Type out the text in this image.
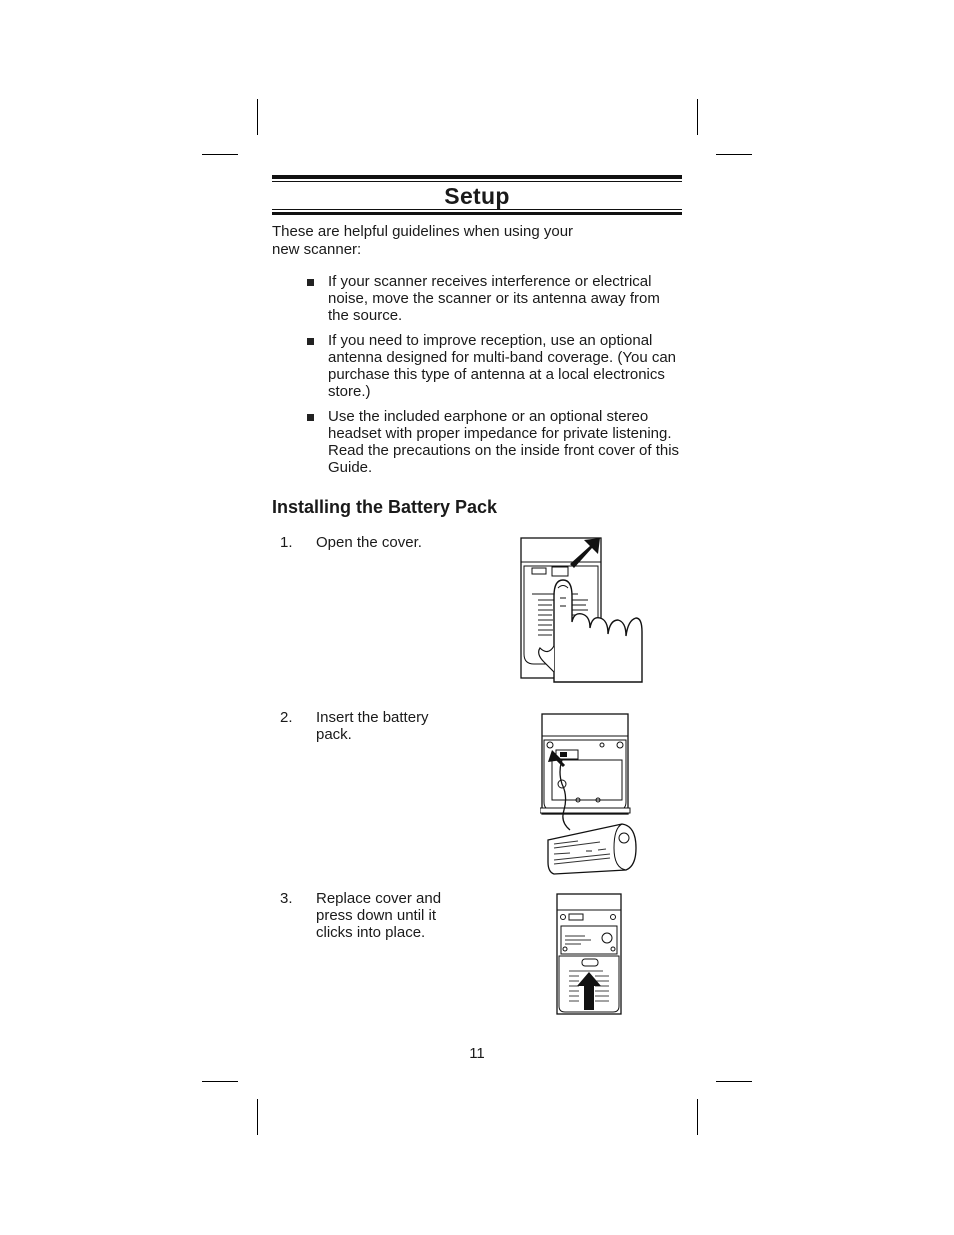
Setup

These are helpful guidelines when using your new scanner:

If your scanner receives interference or electrical noise, move the scanner or its antenna away from the source.
If you need to improve reception, use an optional antenna designed for multi-band coverage. (You can purchase this type of antenna at a local electronics store.)
Use the included earphone or an optional stereo headset with proper impedance for private listening. Read the precautions on the inside front cover of this Guide.
Installing the Battery Pack
1. Open the cover.
2. Insert the battery pack.
3. Replace cover and press down until it clicks into place.
11
